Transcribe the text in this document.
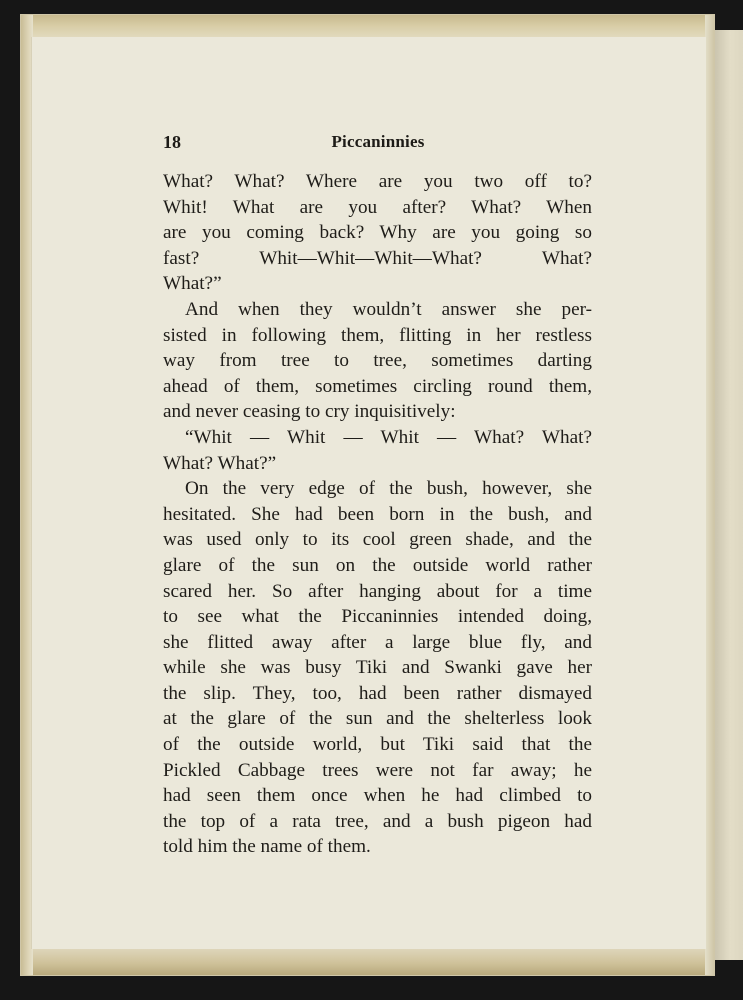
18	Piccaninnies
What? What? Where are you two off to?
Whit! What are you after? What? When
are you coming back? Why are you going so
fast? Whit—Whit—Whit—What? What?
What?”
And when they wouldn’t answer she per-
sisted in following them, flitting in her restless
way from tree to tree, sometimes darting
ahead of them, sometimes circling round them,
and never ceasing to cry inquisitively:
“Whit — Whit — Whit — What? What?
What? What?”
On the very edge of the bush, however, she
hesitated. She had been born in the bush, and
was used only to its cool green shade, and the
glare of the sun on the outside world rather
scared her. So after hanging about for a time
to see what the Piccaninnies intended doing,
she flitted away after a large blue fly, and
while she was busy Tiki and Swanki gave her
the slip. They, too, had been rather dismayed
at the glare of the sun and the shelterless look
of the outside world, but Tiki said that the
Pickled Cabbage trees were not far away; he
had seen them once when he had climbed to
the top of a rata tree, and a bush pigeon had
told him the name of them.
